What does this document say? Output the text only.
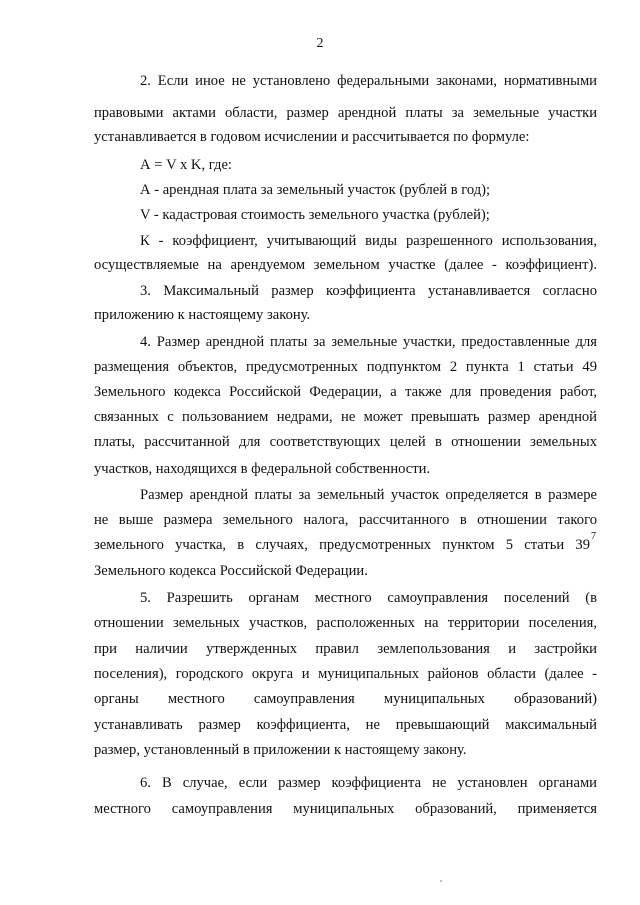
2
2. Если иное не установлено федеральными законами, нормативными
правовыми актами области, размер арендной платы за земельные участки
устанавливается в годовом исчислении и рассчитывается по формуле:
А = V x K, где:
А - арендная плата за земельный участок (рублей в год);
V - кадастровая стоимость земельного участка (рублей);
К - коэффициент, учитывающий виды разрешенного использования,
осуществляемые на арендуемом земельном участке (далее - коэффициент).
3. Максимальный размер коэффициента устанавливается согласно
приложению к настоящему закону.
4. Размер арендной платы за земельные участки, предоставленные для
размещения объектов, предусмотренных подпунктом 2 пункта 1 статьи 49
Земельного кодекса Российской Федерации, а также для проведения работ,
связанных с пользованием недрами, не может превышать размер арендной
платы, рассчитанной для соответствующих целей в отношении земельных
участков, находящихся в федеральной собственности.
Размер арендной платы за земельный участок определяется в размере
не выше размера земельного налога, рассчитанного в отношении такого
земельного участка, в случаях, предусмотренных пунктом 5 статьи 39
7
Земельного кодекса Российской Федерации.
5. Разрешить органам местного самоуправления поселений (в
отношении земельных участков, расположенных на территории поселения,
при наличии утвержденных правил землепользования и застройки
поселения), городского округа и муниципальных районов области (далее -
органы местного самоуправления муниципальных образований)
устанавливать размер коэффициента, не превышающий максимальный
размер, установленный в приложении к настоящему закону.
6. В случае, если размер коэффициента не установлен органами
местного самоуправления муниципальных образований, применяется
